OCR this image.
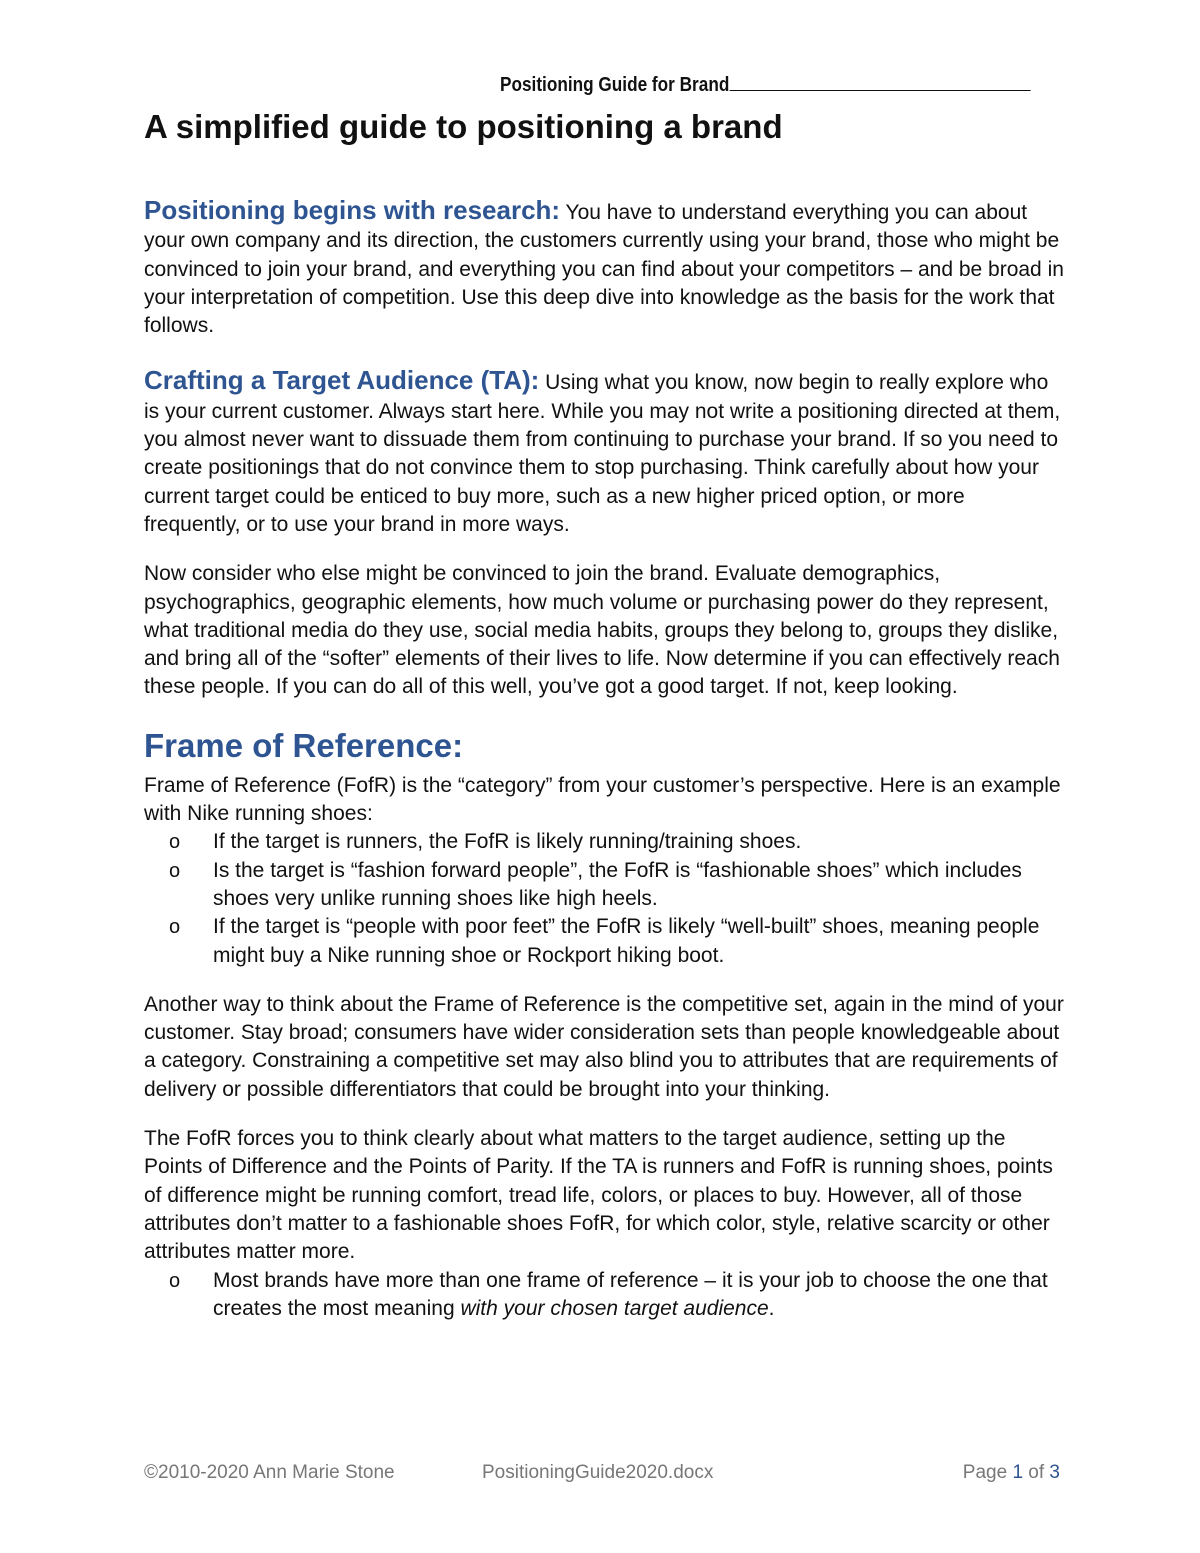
Positioning Guide for Brand
A simplified guide to positioning a brand

Positioning begins with research: You have to understand everything you can about your own company and its direction, the customers currently using your brand, those who might be convinced to join your brand, and everything you can find about your competitors – and be broad in your interpretation of competition. Use this deep dive into knowledge as the basis for the work that follows.

Crafting a Target Audience (TA): Using what you know, now begin to really explore who is your current customer. Always start here. While you may not write a positioning directed at them, you almost never want to dissuade them from continuing to purchase your brand. If so you need to create positionings that do not convince them to stop purchasing. Think carefully about how your current target could be enticed to buy more, such as a new higher priced option, or more frequently, or to use your brand in more ways.

Now consider who else might be convinced to join the brand. Evaluate demographics, psychographics, geographic elements, how much volume or purchasing power do they represent, what traditional media do they use, social media habits, groups they belong to, groups they dislike, and bring all of the “softer” elements of their lives to life. Now determine if you can effectively reach these people. If you can do all of this well, you’ve got a good target. If not, keep looking.

Frame of Reference:

Frame of Reference (FofR) is the “category” from your customer’s perspective. Here is an example with Nike running shoes:

o If the target is runners, the FofR is likely running/training shoes.
o Is the target is “fashion forward people”, the FofR is “fashionable shoes” which includes shoes very unlike running shoes like high heels.
o If the target is “people with poor feet” the FofR is likely “well-built” shoes, meaning people might buy a Nike running shoe or Rockport hiking boot.

Another way to think about the Frame of Reference is the competitive set, again in the mind of your customer. Stay broad; consumers have wider consideration sets than people knowledgeable about a category. Constraining a competitive set may also blind you to attributes that are requirements of delivery or possible differentiators that could be brought into your thinking.

The FofR forces you to think clearly about what matters to the target audience, setting up the Points of Difference and the Points of Parity. If the TA is runners and FofR is running shoes, points of difference might be running comfort, tread life, colors, or places to buy. However, all of those attributes don’t matter to a fashionable shoes FofR, for which color, style, relative scarcity or other attributes matter more.

o Most brands have more than one frame of reference – it is your job to choose the one that creates the most meaning with your chosen target audience.
©2010-2020 Ann Marie Stone	PositioningGuide2020.docx	Page 1 of 3
